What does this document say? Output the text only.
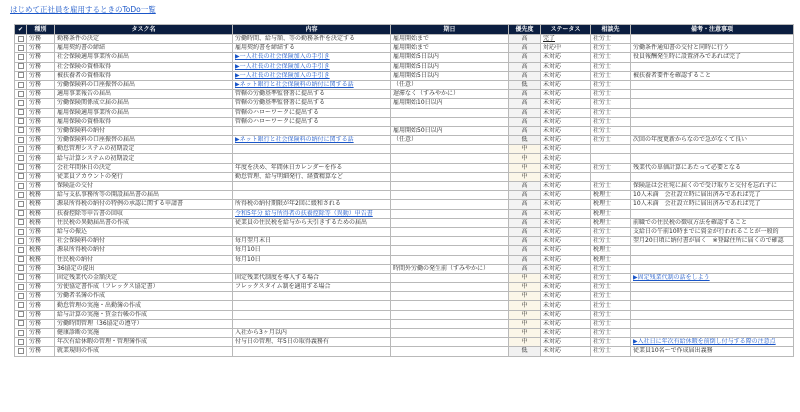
はじめて正社員を雇用するときのToDo一覧
✔	種別	タスク名	内容	期日	優先度	ステータス	相談先	備考・注意事項
	労務	勤務条件の決定	労働時間、給与額、等の勤務条件を決定する	雇用開始まで	高	完了	社労士	
	労務	雇用契約書の締結	雇用契約書を締結する	雇用開始まで	高	対応中	社労士	労働条件通知書の交付と同時に行う
	労務	社会保険適用事業所の届出	▶一人社長の社会保険加入の手引き	雇用開始5日以内	高	未対応	社労士	役員報酬発生時に設置済みであれば完了
	労務	社会保険の資格取得	▶一人社長の社会保険加入の手引き	雇用開始5日以内	高	未対応	社労士	
	労務	被扶養者の資格取得	▶一人社長の社会保険加入の手引き	雇用開始5日以内	高	未対応	社労士	被扶養者要件を確認すること
	労務	労働保険料の口座振替の届出	▶ネット銀行と社会保険料の納付に関する話	（任意）	低	未対応	社労士	
	労務	適用事業報告の届出	管轄の労働基準監督署に提出する	遅滞なく（すみやかに）	高	未対応	社労士	
	労務	労働保険関係成立届の届出	管轄の労働基準監督署に提出する	雇用開始10日以内	高	未対応	社労士	
	労務	雇用保険適用事業所の届出	管轄のハローワークに提出する		高	未対応	社労士	
	労務	雇用保険の資格取得	管轄のハローワークに提出する		高	未対応	社労士	
	労務	労働保険料の納付		雇用開始50日以内	高	未対応	社労士	
	労務	労働保険料の口座振替の届出	▶ネット銀行と社会保険料の納付に関する話	（任意）	低	未対応	社労士	次回の年度更新からなので急がなくて良い
	労務	勤怠管理システムの初期設定			中	未対応		
	労務	給与計算システムの初期設定			中	未対応		
	労務	会社年間休日の決定	年度を決め、年間休日カレンダーを作る		中	未対応	社労士	残業代の単価計算にあたって必要となる
	労務	従業員アカウントの発行	勤怠管理、給与明細発行、経費精算など		中	未対応		
	労務	保険証の交付			高	未対応	社労士	保険証は会社宛に届くので受け取りと交付を忘れずに
	税務	給与支払事務所等の開設届出書の届出			高	未対応	税理士	10人未満　会社設立時に届出済みであれば完了
	税務	源泉所得税の納付の特例の承認に関する申請書	所得税の納付期限が年2回に緩和される		高	未対応	税理士	10人未満　会社設立時に届出済みであれば完了
	税務	扶養控除等申告書の回収	令和5年分 給与所得者の扶養控除等（異動）申告書		高	未対応	税理士	
	税務	住民税の異動届出書の作成	従業員の住民税を給与から天引きするための届出		高	未対応	税理士	前職での住民税の徴収方法を確認すること
	労務	給与の振込			高	未対応	社労士	支給日の午前10時までに資金が行われることが一般的
	労務	社会保険料の納付	毎月翌月末日		高	未対応	社労士	翌月20日頃に納付書が届く　※登録住所に届くので確認
	税務	源泉所得税の納付	毎月10日		高	未対応	税理士	
	税務	住民税の納付	毎月10日		高	未対応	税理士	
	労務	36協定の提出		時間外労働の発生前（すみやかに）	高	未対応	社労士	
	労務	固定残業代の金額決定	固定残業代制度を導入する場合		中	未対応	社労士	▶固定残業代制の話をしよう
	労務	労使協定書作成（フレックス協定書）	フレックスタイム制を適用する場合		中	未対応	社労士	
	労務	労働者名簿の作成			中	未対応	社労士	
	労務	勤怠管理の実施・出勤簿の作成			中	未対応	社労士	
	労務	給与計算の実施・賃金台帳の作成			中	未対応	社労士	
	労務	労働時間管理（36協定の遵守）			中	未対応	社労士	
	労務	健康診断の実施	入社から3ヶ月以内		中	未対応	社労士	
	労務	年次有給休暇の管理・管理簿作成	付与日の管理、年5日の取得義務有		中	未対応	社労士	▶入社日に年次有給休暇を前倒し付与する際の注意点
	労務	就業規則の作成			低	未対応	社労士	従業員10名〜で作成届出義務
